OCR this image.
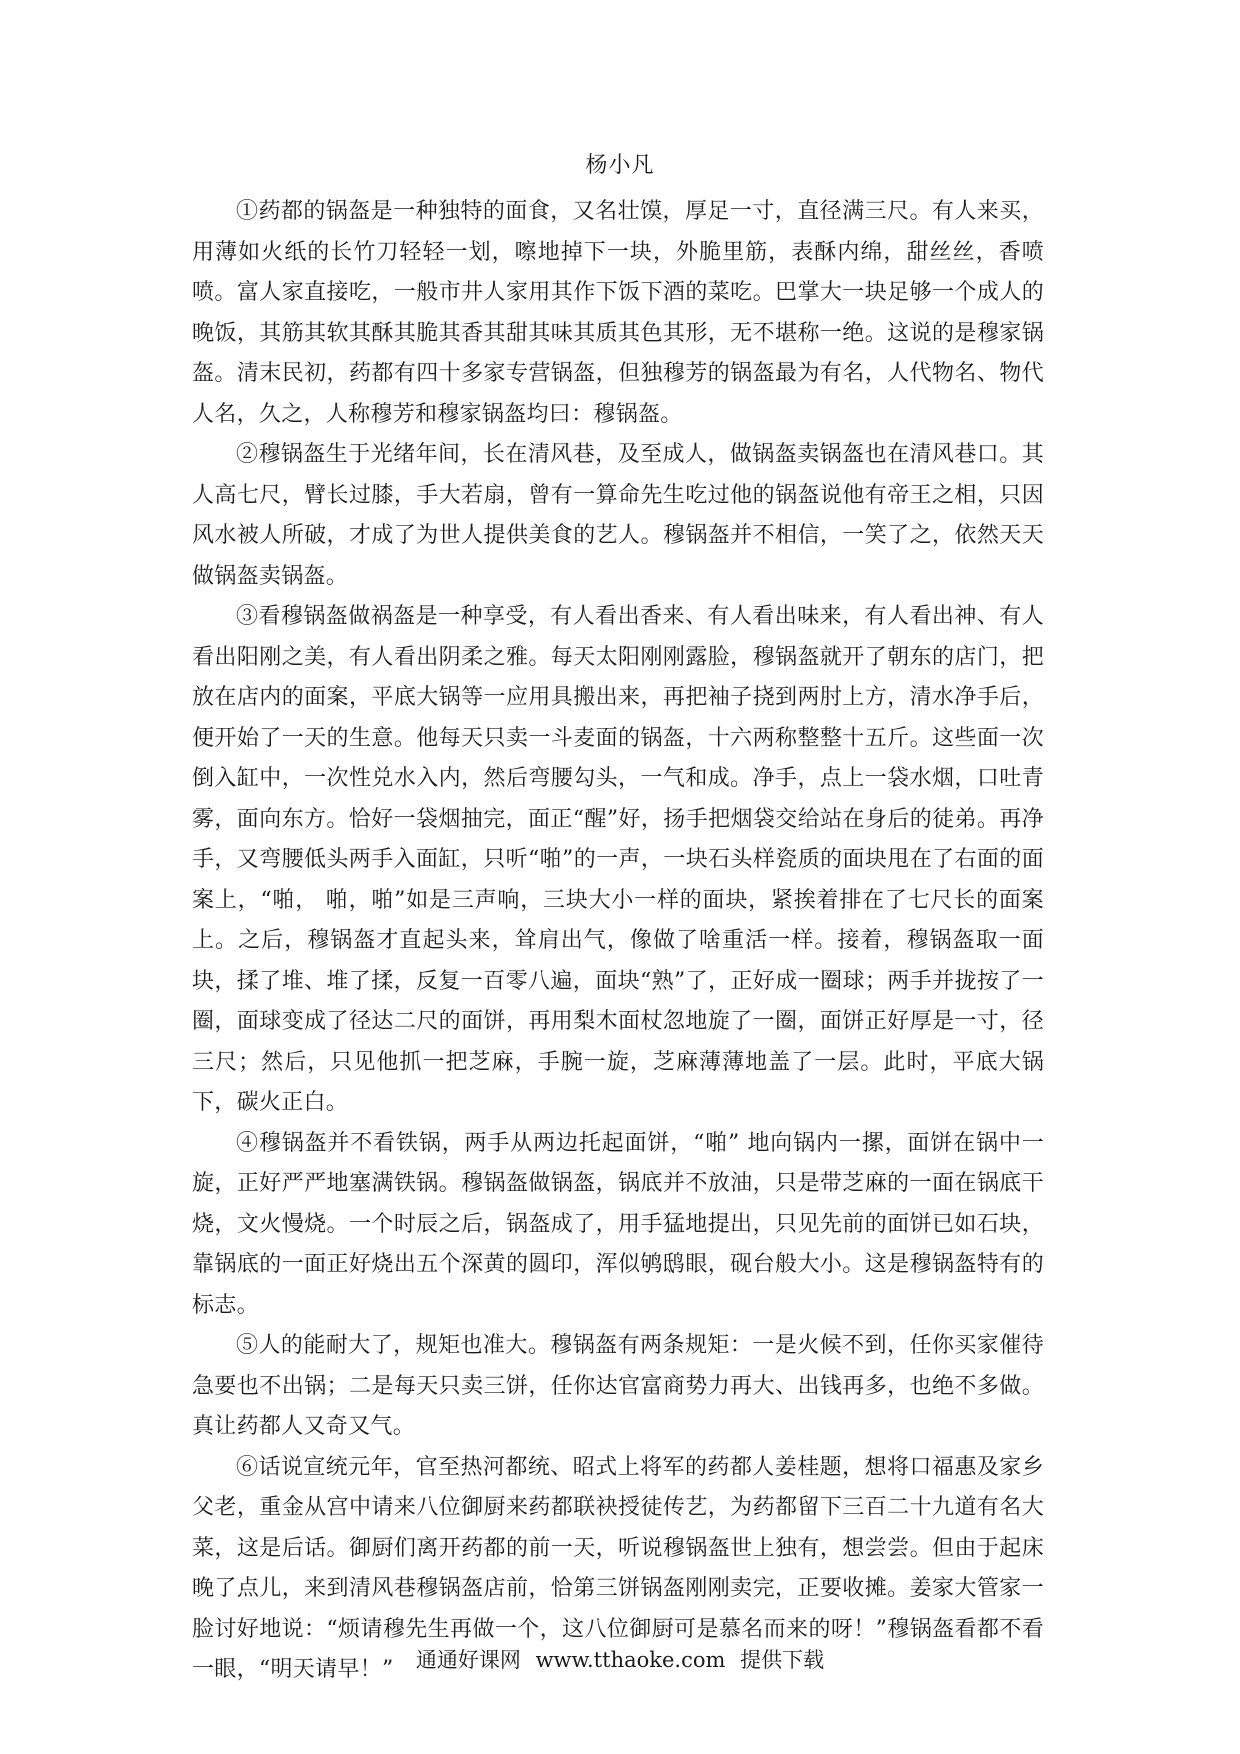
杨小凡

①药都的锅盔是一种独特的面食，又名壮馍，厚足一寸，直径满三尺。有人来买，用薄如火纸的长竹刀轻轻一划，嚓地掉下一块，外脆里筋，表酥内绵，甜丝丝，香喷喷。富人家直接吃，一般市井人家用其作下饭下酒的菜吃。巴掌大一块足够一个成人的晚饭，其筋其软其酥其脆其香其甜其味其质其色其形，无不堪称一绝。这说的是穆家锅盔。清末民初，药都有四十多家专营锅盔，但独穆芳的锅盔最为有名，人代物名、物代人名，久之，人称穆芳和穆家锅盔均曰：穆锅盔。

②穆锅盔生于光绪年间，长在清风巷，及至成人，做锅盔卖锅盔也在清风巷口。其人高七尺，臂长过膝，手大若扇，曾有一算命先生吃过他的锅盔说他有帝王之相，只因风水被人所破，才成了为世人提供美食的艺人。穆锅盔并不相信，一笑了之，依然天天做锅盔卖锅盔。

③看穆锅盔做祸盔是一种享受，有人看出香来、有人看出味来，有人看出神、有人看出阳刚之美，有人看出阴柔之雅。每天太阳刚刚露脸，穆锅盔就开了朝东的店门，把放在店内的面案，平底大锅等一应用具搬出来，再把袖子挠到两肘上方，清水净手后，便开始了一天的生意。他每天只卖一斗麦面的锅盔，十六两称整整十五斤。这些面一次倒入缸中，一次性兑水入内，然后弯腰勾头，一气和成。净手，点上一袋水烟，口吐青雾，面向东方。恰好一袋烟抽完，面正“醒”好，扬手把烟袋交给站在身后的徒弟。再净手，又弯腰低头两手入面缸，只听“啪”的一声，一块石头样瓷质的面块甩在了右面的面案上，“啪， 啪，啪”如是三声响，三块大小一样的面块，紧挨着排在了七尺长的面案上。之后，穆锅盔才直起头来，耸肩出气，像做了啥重活一样。接着，穆锅盔取一面块，揉了堆、堆了揉，反复一百零八遍，面块“熟”了，正好成一圈球；两手并拢按了一圈，面球变成了径达二尺的面饼，再用梨木面杖忽地旋了一圈，面饼正好厚是一寸，径三尺；然后，只见他抓一把芝麻，手腕一旋，芝麻薄薄地盖了一层。此时，平底大锅下，碳火正白。

④穆锅盔并不看铁锅，两手从两边托起面饼，“啪” 地向锅内一摞，面饼在锅中一旋，正好严严地塞满铁锅。穆锅盔做锅盔，锅底并不放油，只是带芝麻的一面在锅底干烧，文火慢烧。一个时辰之后，锅盔成了，用手猛地提出，只见先前的面饼已如石块，靠锅底的一面正好烧出五个深黄的圆印，浑似鸲鸱眼，砚台般大小。这是穆锅盔特有的标志。

⑤人的能耐大了，规矩也准大。穆锅盔有两条规矩：一是火候不到，任你买家催待急要也不出锅；二是每天只卖三饼，任你达官富商势力再大、出钱再多，也绝不多做。真让药都人又奇又气。

⑥话说宣统元年，官至热河都统、昭式上将军的药都人姜桂题，想将口福惠及家乡父老，重金从宫中请来八位御厨来药都联袂授徒传艺，为药都留下三百二十九道有名大菜，这是后话。御厨们离开药都的前一天，听说穆锅盔世上独有，想尝尝。但由于起床晚了点儿，来到清风巷穆锅盔店前，恰第三饼锅盔刚刚卖完，正要收摊。姜家大管家一脸讨好地说：“烦请穆先生再做一个，这八位御厨可是慕名而来的呀！”穆锅盔看都不看一眼，“明天请早！”	通通好课网 www.tthaoke.com 提供下载
